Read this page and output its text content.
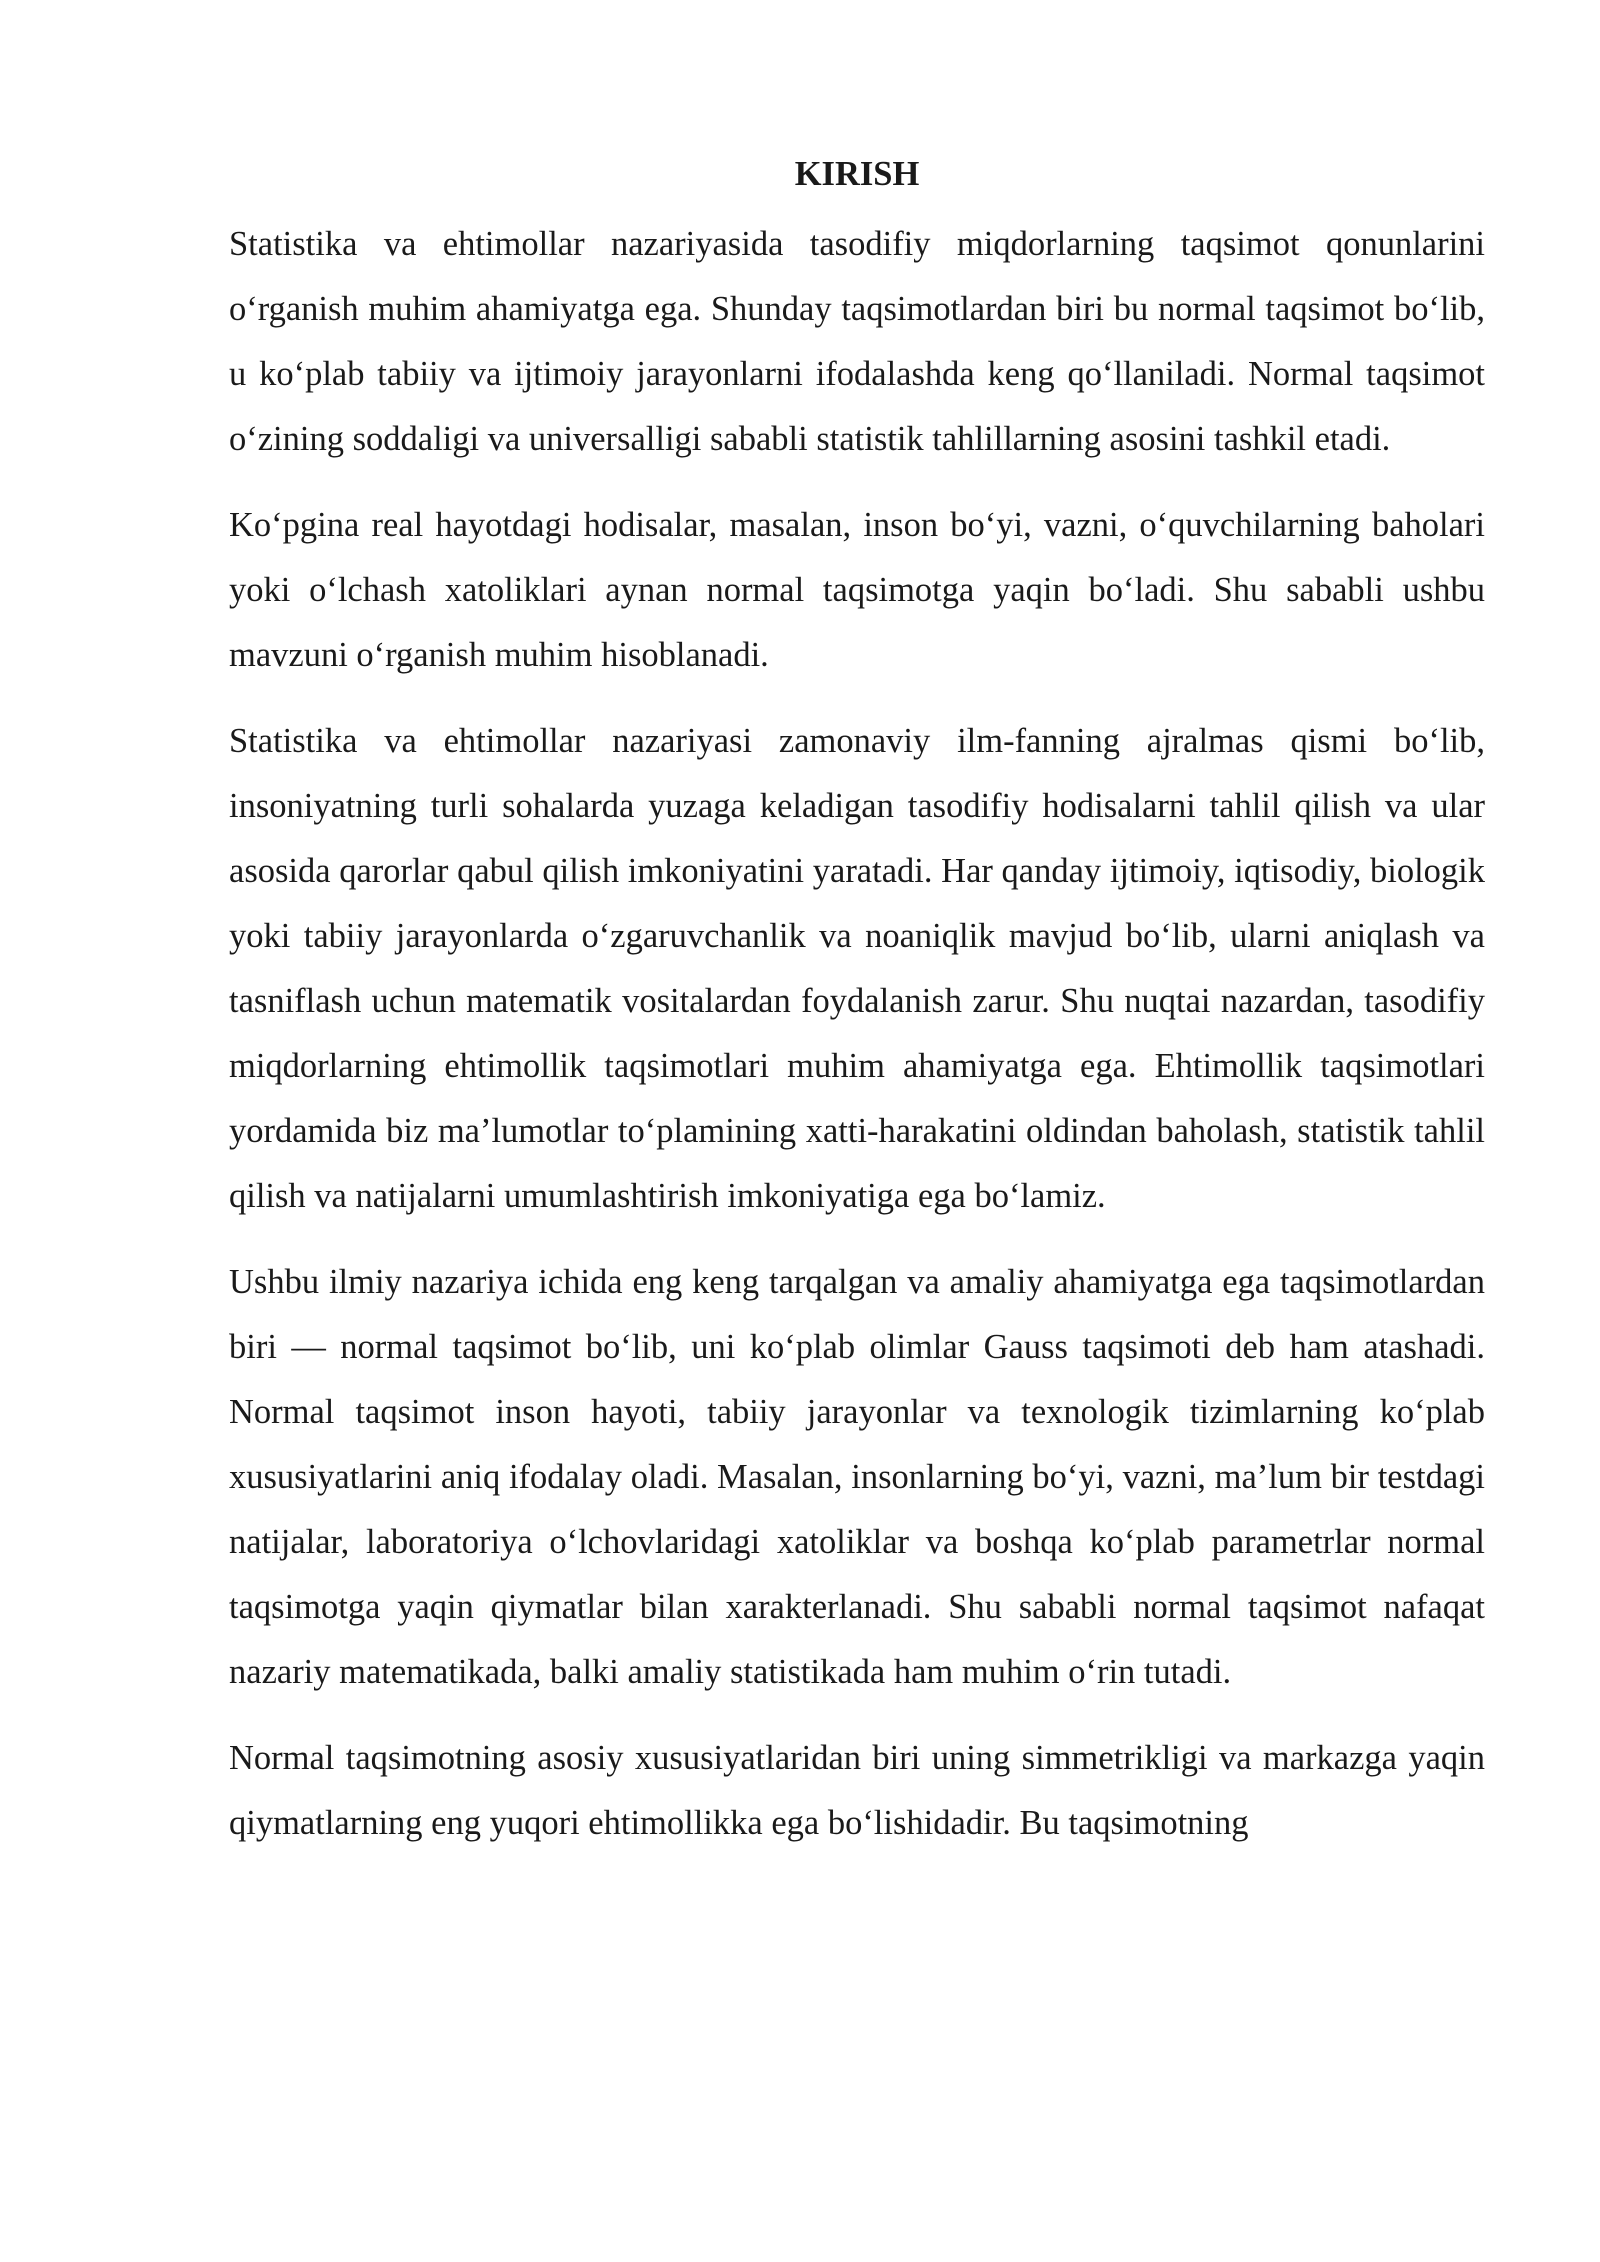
KIRISH

Statistika va ehtimollar nazariyasida tasodifiy miqdorlarning taqsimot qonunlarini o‘rganish muhim ahamiyatga ega. Shunday taqsimotlardan biri bu normal taqsimot bo‘lib, u ko‘plab tabiiy va ijtimoiy jarayonlarni ifodalashda keng qo‘llaniladi. Normal taqsimot o‘zining soddaligi va universalligi sababli statistik tahlillarning asosini tashkil etadi.

Ko‘pgina real hayotdagi hodisalar, masalan, inson bo‘yi, vazni, o‘quvchilarning baholari yoki o‘lchash xatoliklari aynan normal taqsimotga yaqin bo‘ladi. Shu sababli ushbu mavzuni o‘rganish muhim hisoblanadi.

Statistika va ehtimollar nazariyasi zamonaviy ilm-fanning ajralmas qismi bo‘lib, insoniyatning turli sohalarda yuzaga keladigan tasodifiy hodisalarni tahlil qilish va ular asosida qarorlar qabul qilish imkoniyatini yaratadi. Har qanday ijtimoiy, iqtisodiy, biologik yoki tabiiy jarayonlarda o‘zgaruvchanlik va noaniqlik mavjud bo‘lib, ularni aniqlash va tasniflash uchun matematik vositalardan foydalanish zarur. Shu nuqtai nazardan, tasodifiy miqdorlarning ehtimollik taqsimotlari muhim ahamiyatga ega. Ehtimollik taqsimotlari yordamida biz ma’lumotlar to‘plamining xatti-harakatini oldindan baholash, statistik tahlil qilish va natijalarni umumlashtirish imkoniyatiga ega bo‘lamiz.

Ushbu ilmiy nazariya ichida eng keng tarqalgan va amaliy ahamiyatga ega taqsimotlardan biri — normal taqsimot bo‘lib, uni ko‘plab olimlar Gauss taqsimoti deb ham atashadi. Normal taqsimot inson hayoti, tabiiy jarayonlar va texnologik tizimlarning ko‘plab xususiyatlarini aniq ifodalay oladi. Masalan, insonlarning bo‘yi, vazni, ma’lum bir testdagi natijalar, laboratoriya o‘lchovlaridagi xatoliklar va boshqa ko‘plab parametrlar normal taqsimotga yaqin qiymatlar bilan xarakterlanadi. Shu sababli normal taqsimot nafaqat nazariy matematikada, balki amaliy statistikada ham muhim o‘rin tutadi.

Normal taqsimotning asosiy xususiyatlaridan biri uning simmetrikligi va markazga yaqin qiymatlarning eng yuqori ehtimollikka ega bo‘lishidadir. Bu taqsimotning
